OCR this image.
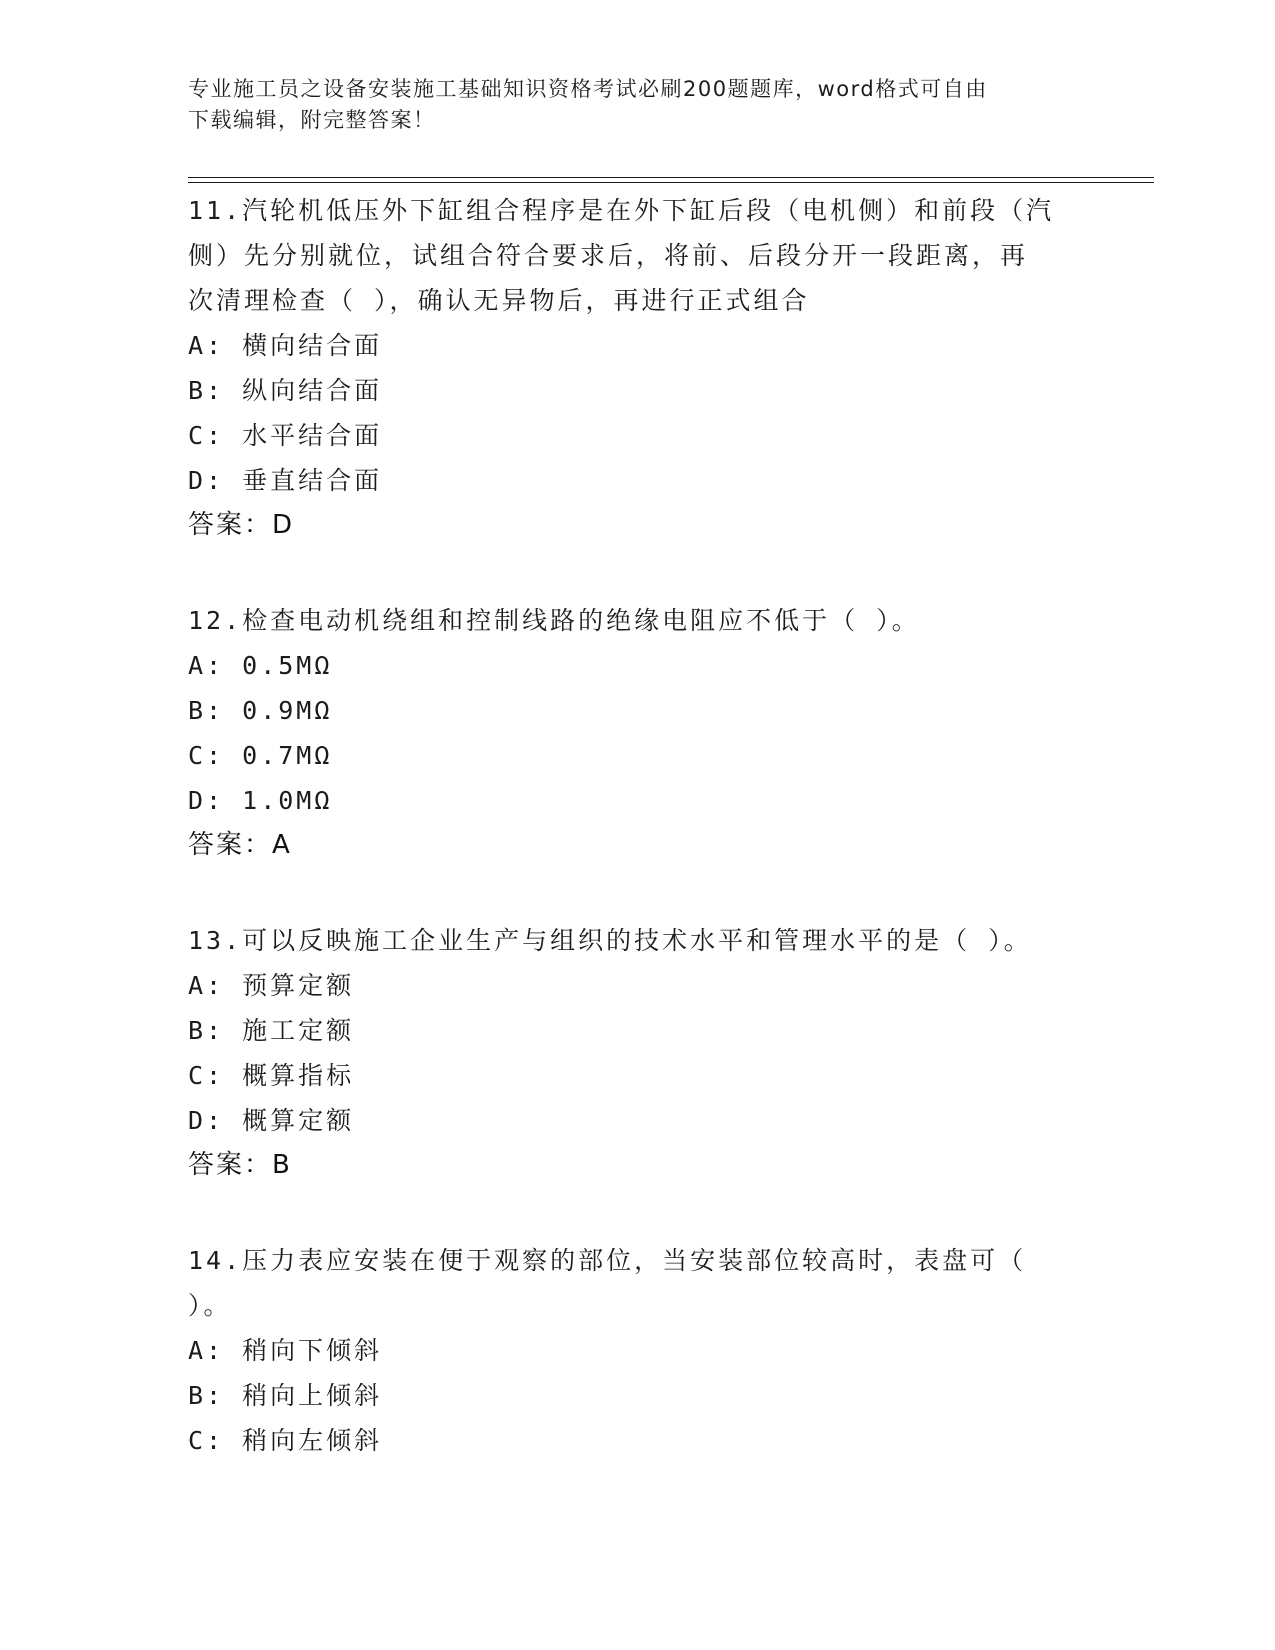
专业施工员之设备安装施工基础知识资格考试必刷200题题库，word格式可自由
下载编辑，附完整答案！

11.汽轮机低压外下缸组合程序是在外下缸后段（电机侧）和前段（汽

侧）先分别就位，试组合符合要求后，将前、后段分开一段距离，再

次清理检查（ ），确认无异物后，再进行正式组合

A: 横向结合面

B: 纵向结合面

C: 水平结合面

D: 垂直结合面

答案：D

12.检查电动机绕组和控制线路的绝缘电阻应不低于（ ）。

A: 0.5MΩ

B: 0.9MΩ

C: 0.7MΩ

D: 1.0MΩ

答案：A

13.可以反映施工企业生产与组织的技术水平和管理水平的是（ ）。

A: 预算定额

B: 施工定额

C: 概算指标

D: 概算定额

答案：B

14.压力表应安装在便于观察的部位，当安装部位较高时，表盘可（

）。

A: 稍向下倾斜

B: 稍向上倾斜

C: 稍向左倾斜
